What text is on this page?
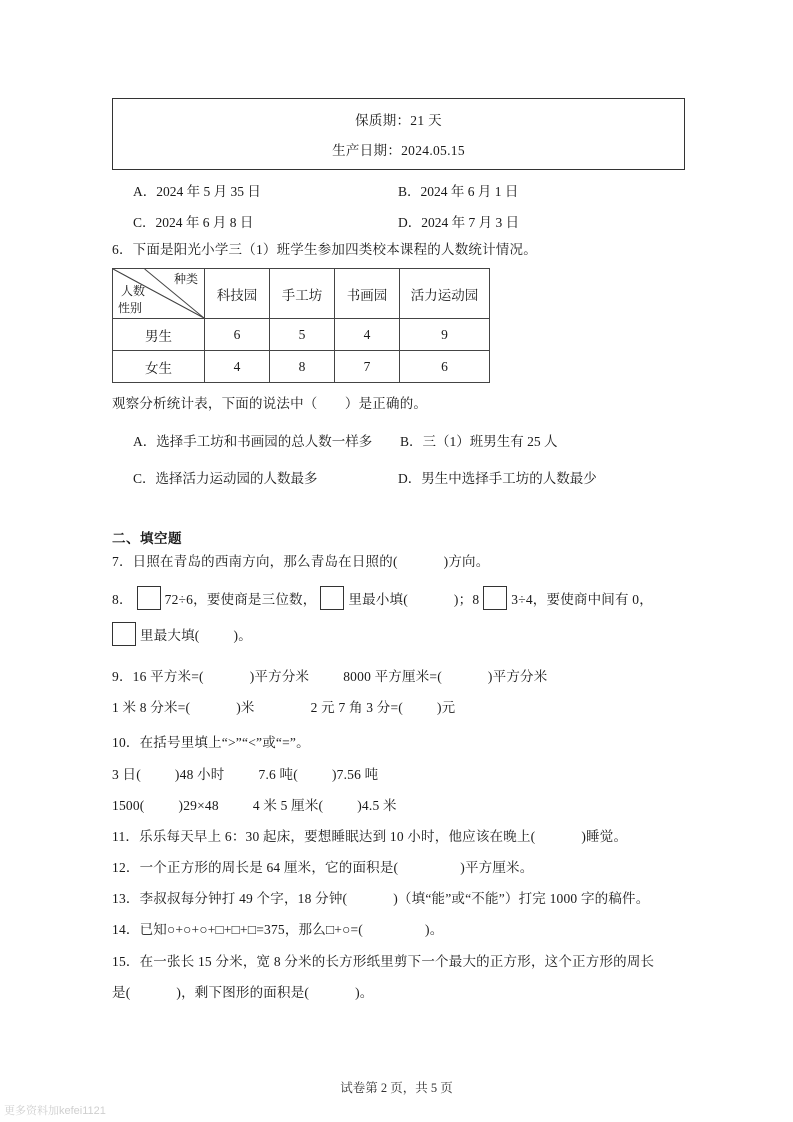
保质期：21 天
生产日期：2024.05.15
A．2024 年 5 月 35 日	B．2024 年 6 月 1 日
C．2024 年 6 月 8 日	D．2024 年 7 月 3 日
6．下面是阳光小学三（1）班学生参加四类校本课程的人数统计情况。
种类
人数
性别	科技园	手工坊	书画园	活力运动园
男生	6	5	4	9
女生	4	8	7	6
观察分析统计表，下面的说法中（　　）是正确的。
A．选择手工坊和书画园的总人数一样多 B．三（1）班男生有 25 人
C．选择活力运动园的人数最多	D．男生中选择手工坊的人数最少
二、填空题
7．日照在青岛的西南方向，那么青岛在日照的(	)方向。
8． 72÷6，要使商是三位数， 里最小填(	)；8 3÷4，要使商中间有 0，
里最大填(	)。
9．16 平方米=(	)平方分米	8000 平方厘米=(	)平方分米
1 米 8 分米=(	)米	2 元 7 角 3 分=(	)元
10．在括号里填上“>”“<”或“=”。
3 日(	)48 小时	7.6 吨(	)7.56 吨
1500(	)29×48	4 米 5 厘米(	)4.5 米
11．乐乐每天早上 6：30 起床，要想睡眠达到 10 小时，他应该在晚上(	)睡觉。
12．一个正方形的周长是 64 厘米，它的面积是(	)平方厘米。
13．李叔叔每分钟打 49 个字，18 分钟(	)（填“能”或“不能”）打完 1000 字的稿件。
14．已知○+○+○+□+□+□=375，那么□+○=(	)。
15．在一张长 15 分米，宽 8 分米的长方形纸里剪下一个最大的正方形，这个正方形的周长
是(	)，剩下图形的面积是(	)。
试卷第 2 页，共 5 页
更多资料加kefei1121
